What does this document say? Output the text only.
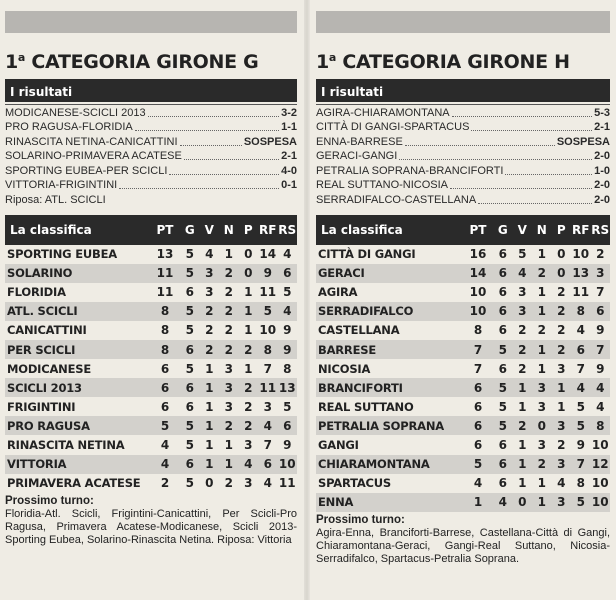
1$^a$ CATEGORIA GIRONE G
I risultati
MODICANESE-SCICLI 2013	3-2
PRO RAGUSA-FLORIDIA	1-1
RINASCITA NETINA-CANICATTINI	SOSPESA
SOLARINO-PRIMAVERA ACATESE	2-1
SPORTING EUBEA-PER SCICLI	4-0
VITTORIA-FRIGINTINI	0-1
Riposa: ATL. SCICLI
La classifica	PT G V N P RF RS
SPORTING EUBEA	13	5	4	1	0	14	4
SOLARINO	11	5	3	2	0	9	6
FLORIDIA	11	6	3	2	1	11	5
ATL. SCICLI	8	5	2	2	1	5	4
CANICATTINI	8	5	2	2	1	10	9
PER SCICLI	8	6	2	2	2	8	9
MODICANESE	6	5	1	3	1	7	8
SCICLI 2013	6	6	1	3	2	11	13
FRIGINTINI	6	6	1	3	2	3	5
PRO RAGUSA	5	5	1	2	2	4	6
RINASCITA NETINA	4	5	1	1	3	7	9
VITTORIA	4	6	1	1	4	6	10
PRIMAVERA ACATESE	2	5	0	2	3	4	11
Prossimo turno:
Floridia-Atl. Scicli, Frigintini-Canicattini, Per Scicli-Pro Ragusa, Primavera Acatese-Modicanese, Scicli 2013-Sporting Eubea, Solarino-Rinascita Netina. Riposa: Vittoria
1$^a$ CATEGORIA GIRONE H
I risultati
AGIRA-CHIARAMONTANA	5-3
CITTÀ DI GANGI-SPARTACUS	2-1
ENNA-BARRESE	SOSPESA
GERACI-GANGI	2-0
PETRALIA SOPRANA-BRANCIFORTI	1-0
REAL SUTTANO-NICOSIA	2-0
SERRADIFALCO-CASTELLANA	2-0
La classifica	PT G V N P RF RS
CITTÀ DI GANGI	16	6	5	1	0	10	2
GERACI	14	6	4	2	0	13	3
AGIRA	10	6	3	1	2	11	7
SERRADIFALCO	10	6	3	1	2	8	6
CASTELLANA	8	6	2	2	2	4	9
BARRESE	7	5	2	1	2	6	7
NICOSIA	7	6	2	1	3	7	9
BRANCIFORTI	6	5	1	3	1	4	4
REAL SUTTANO	6	5	1	3	1	5	4
PETRALIA SOPRANA	6	5	2	0	3	5	8
GANGI	6	6	1	3	2	9	10
CHIARAMONTANA	5	6	1	2	3	7	12
SPARTACUS	4	6	1	1	4	8	10
ENNA	1	4	0	1	3	5	10
Prossimo turno:
Agira-Enna, Branciforti-Barrese, Castellana-Città di Gangi, Chiaramontana-Geraci, Gangi-Real Suttano, Nicosia-Serradifalco, Spartacus-Petralia Soprana.
